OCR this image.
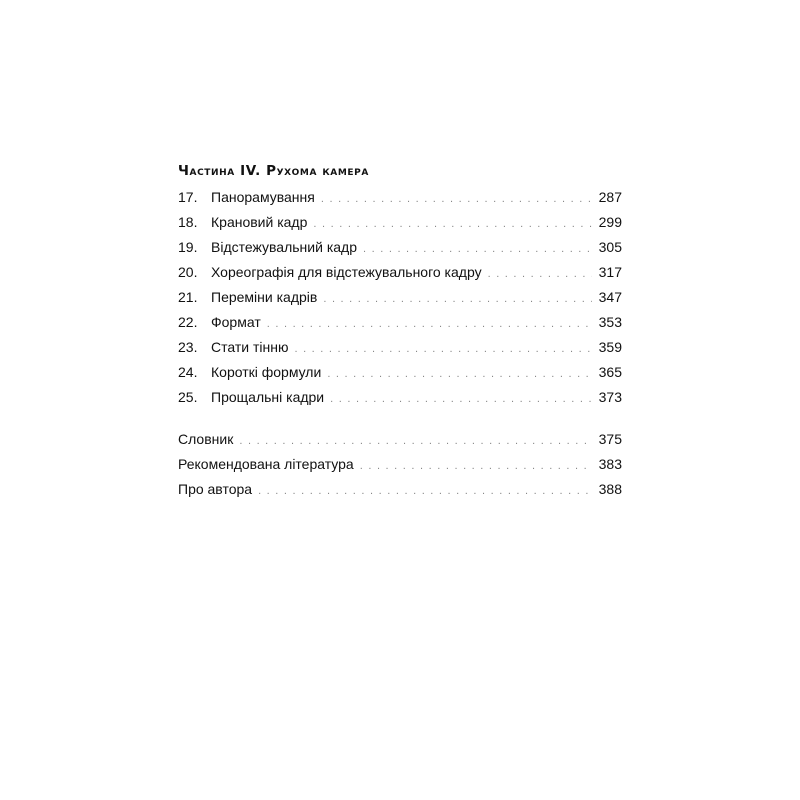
Частина IV. Рухома камера
17. Панорамування . . .	287
18. Крановий кадр . . .	299
19. Відстежувальний кадр . . .	305
20. Хореографія для відстежувального кадру . . .	317
21. Переміни кадрів . . .	347
22. Формат . . .	353
23. Стати тінню . . .	359
24. Короткі формули . . .	365
25. Прощальні кадри . . .	373
Словник . . .	375
Рекомендована література . . .	383
Про автора . . .	388
